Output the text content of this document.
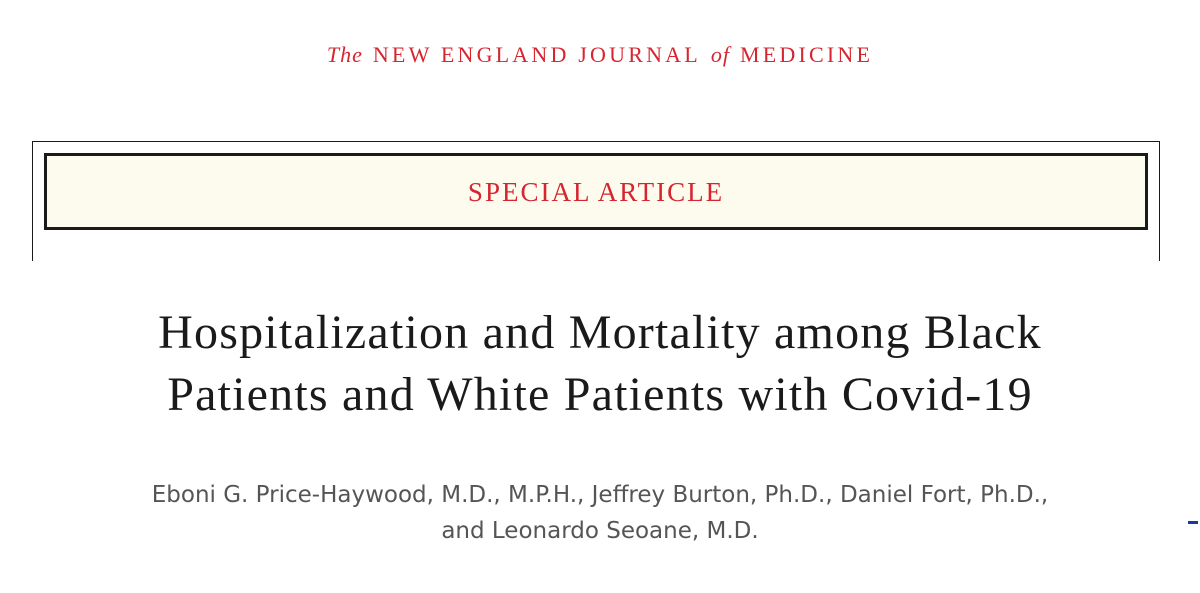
The NEW ENGLAND JOURNAL of MEDICINE
SPECIAL ARTICLE
Hospitalization and Mortality among Black
Patients and White Patients with Covid-19
Eboni G. Price-Haywood, M.D., M.P.H., Jeffrey Burton, Ph.D., Daniel Fort, Ph.D.,
and Leonardo Seoane, M.D.	▬
